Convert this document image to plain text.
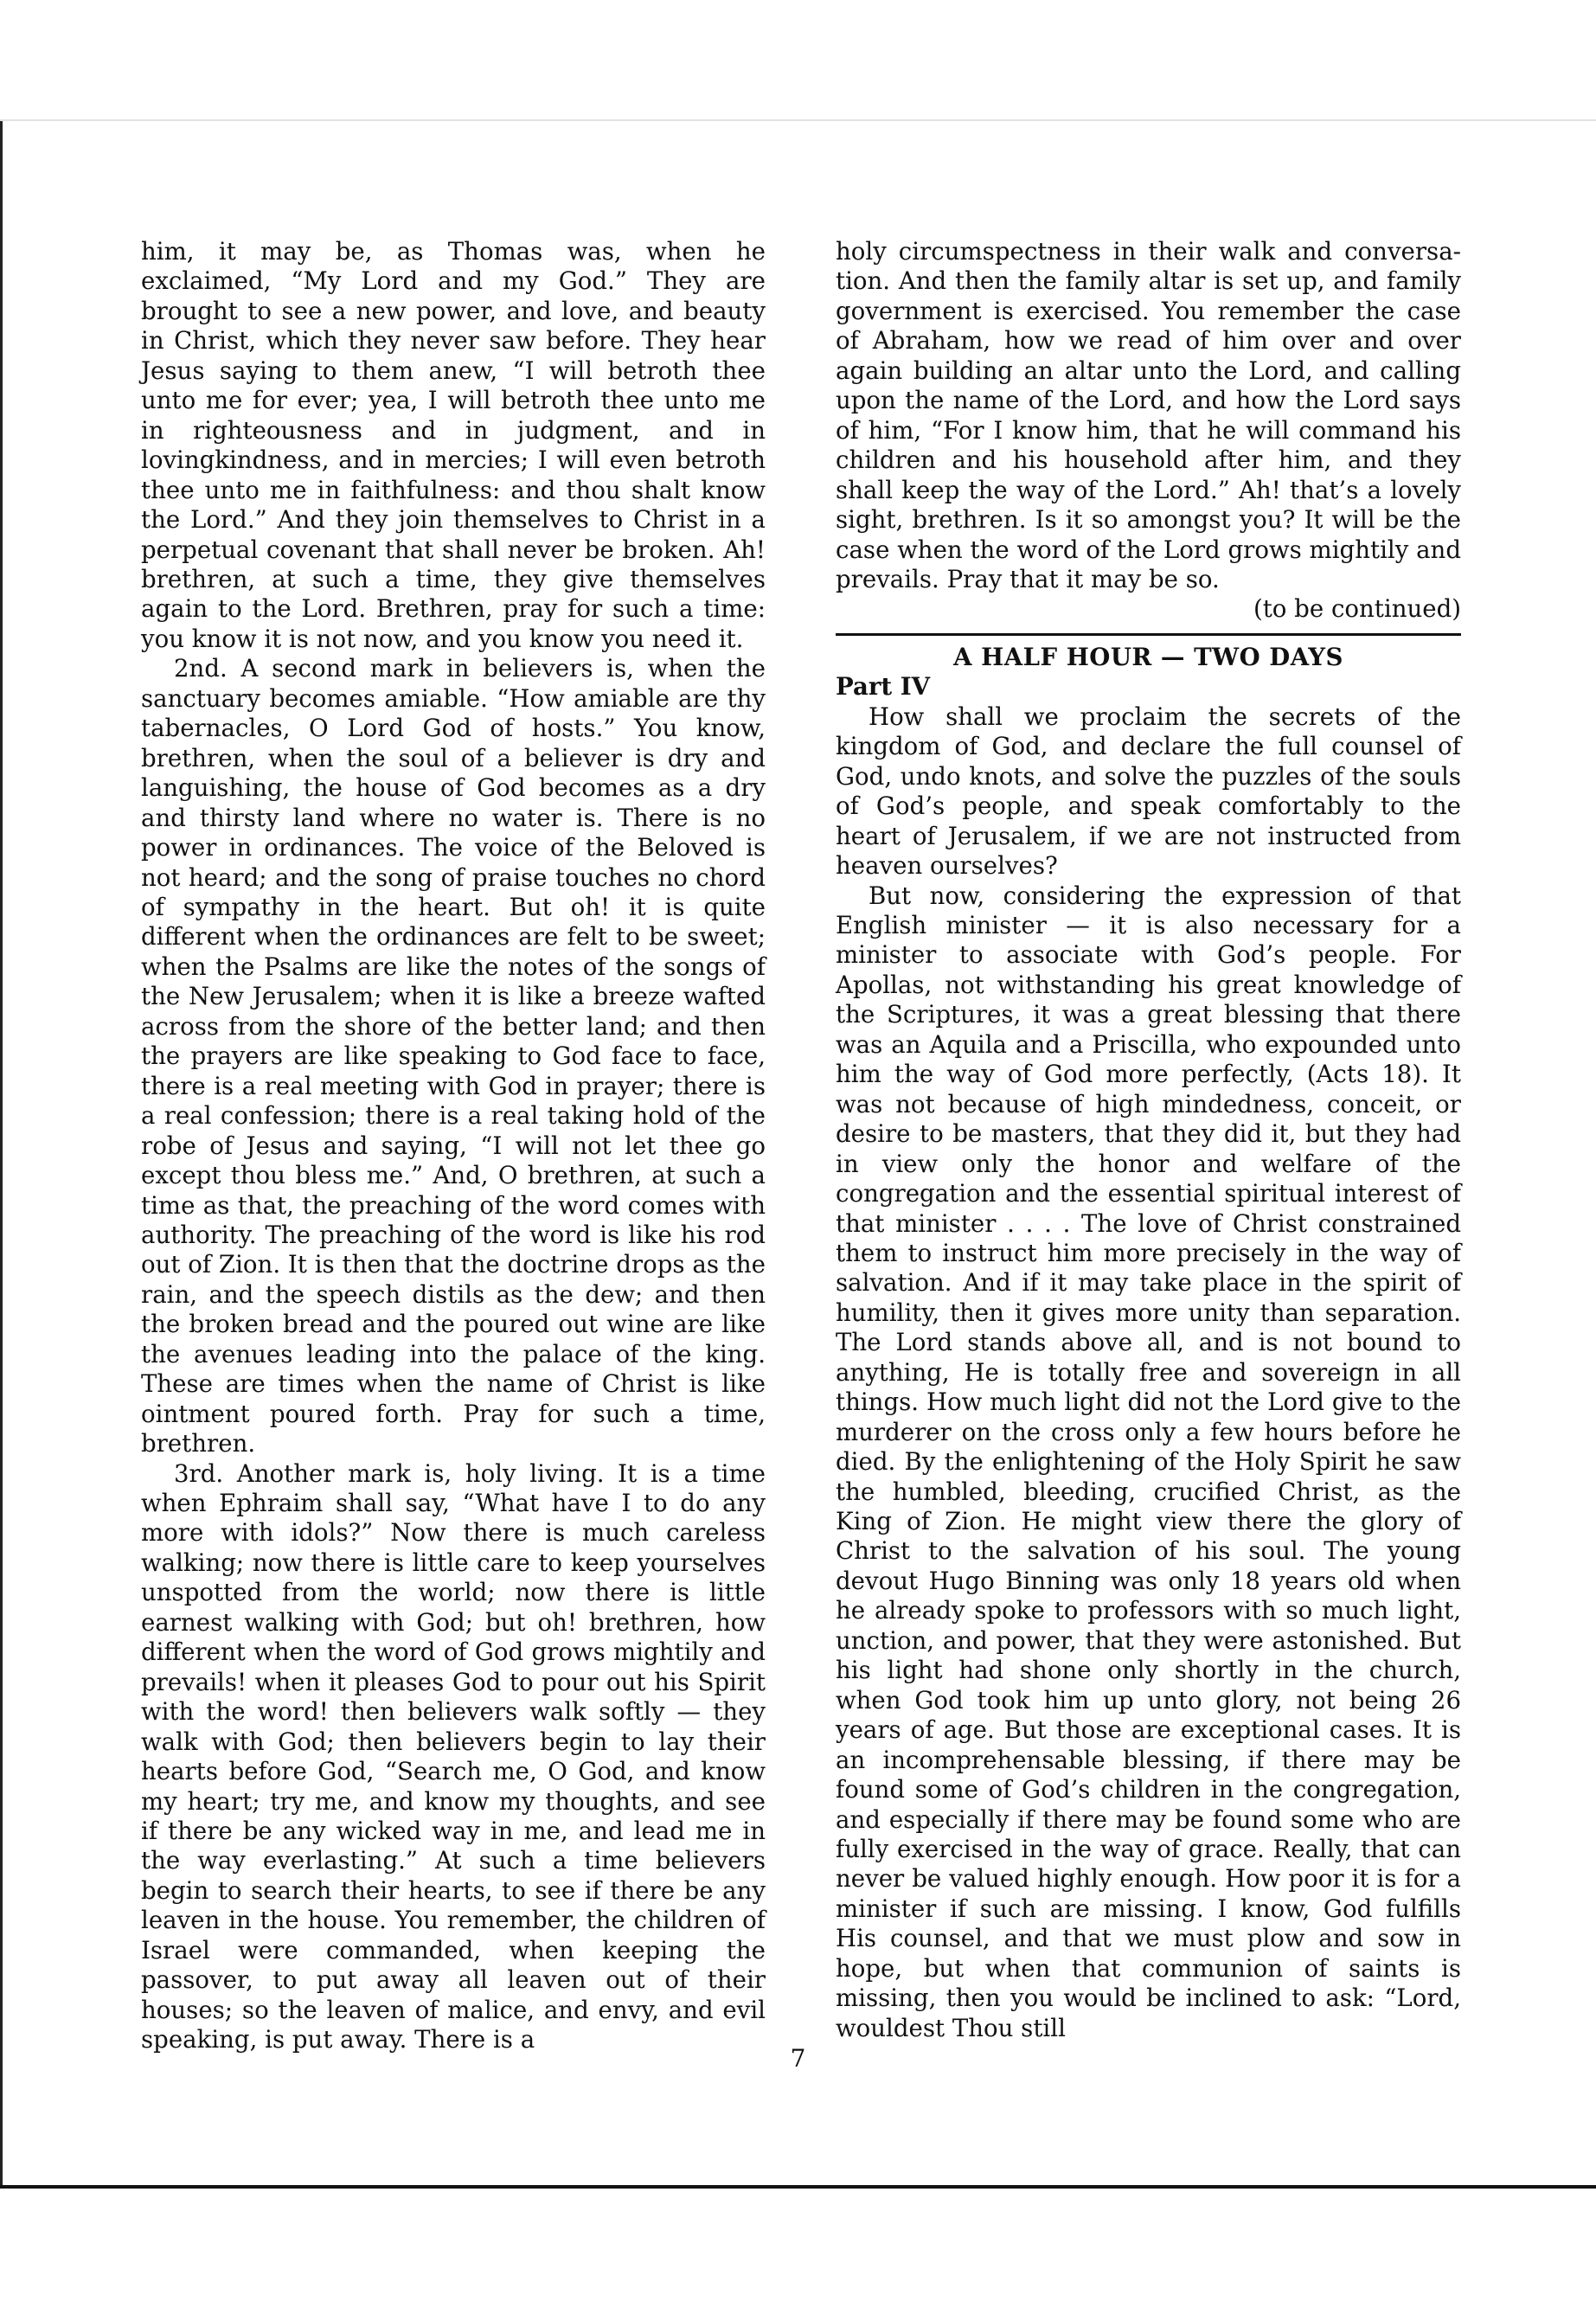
him, it may be, as Thomas was, when he exclaimed, “My Lord and my God.” They are brought to see a new power, and love, and beauty in Christ, which they never saw before. They hear Jesus saying to them anew, “I will betroth thee unto me for ever; yea, I will betroth thee unto me in righteousness and in judgment, and in lovingkindness, and in mercies; I will even betroth thee unto me in faithfulness: and thou shalt know the Lord.” And they join themselves to Christ in a perpetual covenant that shall never be broken. Ah! brethren, at such a time, they give themselves again to the Lord. Brethren, pray for such a time: you know it is not now, and you know you need it.

2nd. A second mark in believers is, when the sanctuary becomes amiable. “How amiable are thy tabernacles, O Lord God of hosts.” You know, brethren, when the soul of a believer is dry and languishing, the house of God becomes as a dry and thirsty land where no water is. There is no power in ordinances. The voice of the Beloved is not heard; and the song of praise touches no chord of sympathy in the heart. But oh! it is quite different when the ordinances are felt to be sweet; when the Psalms are like the notes of the songs of the New Jerusalem; when it is like a breeze wafted across from the shore of the better land; and then the prayers are like speaking to God face to face, there is a real meeting with God in prayer; there is a real confession; there is a real taking hold of the robe of Jesus and saying, “I will not let thee go except thou bless me.” And, O brethren, at such a time as that, the preaching of the word comes with authority. The preaching of the word is like his rod out of Zion. It is then that the doctrine drops as the rain, and the speech distils as the dew; and then the broken bread and the poured out wine are like the avenues leading into the palace of the king. These are times when the name of Christ is like ointment poured forth. Pray for such a time, brethren.

3rd. Another mark is, holy living. It is a time when Ephraim shall say, “What have I to do any more with idols?” Now there is much careless walking; now there is little care to keep yourselves unspotted from the world; now there is little earnest walking with God; but oh! brethren, how different when the word of God grows mightily and prevails! when it pleases God to pour out his Spirit with the word! then believers walk softly — they walk with God; then believers begin to lay their hearts before God, “Search me, O God, and know my heart; try me, and know my thoughts, and see if there be any wicked way in me, and lead me in the way everlasting.” At such a time believers begin to search their hearts, to see if there be any leaven in the house. You remember, the children of Israel were commanded, when keeping the passover, to put away all leaven out of their houses; so the leaven of malice, and envy, and evil speaking, is put away. There is a

holy circumspectness in their walk and conversation. And then the family altar is set up, and family government is exercised. You remember the case of Abraham, how we read of him over and over again building an altar unto the Lord, and calling upon the name of the Lord, and how the Lord says of him, “For I know him, that he will command his children and his household after him, and they shall keep the way of the Lord.” Ah! that’s a lovely sight, brethren. Is it so amongst you? It will be the case when the word of the Lord grows mightily and prevails. Pray that it may be so.

(to be continued)

A HALF HOUR — TWO DAYS
Part IV

How shall we proclaim the secrets of the kingdom of God, and declare the full counsel of God, undo knots, and solve the puzzles of the souls of God’s people, and speak comfortably to the heart of Jerusalem, if we are not instructed from heaven ourselves?

But now, considering the expression of that English minister — it is also necessary for a minister to associate with God’s people. For Apollas, not withstanding his great knowledge of the Scriptures, it was a great blessing that there was an Aquila and a Priscilla, who expounded unto him the way of God more perfectly, (Acts 18). It was not because of high mindedness, conceit, or desire to be masters, that they did it, but they had in view only the honor and welfare of the congregation and the essential spiritual interest of that minister . . . . The love of Christ constrained them to instruct him more precisely in the way of salvation. And if it may take place in the spirit of humility, then it gives more unity than separation. The Lord stands above all, and is not bound to anything, He is totally free and sovereign in all things. How much light did not the Lord give to the murderer on the cross only a few hours before he died. By the enlightening of the Holy Spirit he saw the humbled, bleeding, crucified Christ, as the King of Zion. He might view there the glory of Christ to the salvation of his soul. The young devout Hugo Binning was only 18 years old when he already spoke to professors with so much light, unction, and power, that they were astonished. But his light had shone only shortly in the church, when God took him up unto glory, not being 26 years of age. But those are exceptional cases. It is an incomprehensable blessing, if there may be found some of God’s children in the congregation, and especially if there may be found some who are fully exercised in the way of grace. Really, that can never be valued highly enough. How poor it is for a minister if such are missing. I know, God fulfills His counsel, and that we must plow and sow in hope, but when that communion of saints is missing, then you would be inclined to ask: “Lord, wouldest Thou still

7
